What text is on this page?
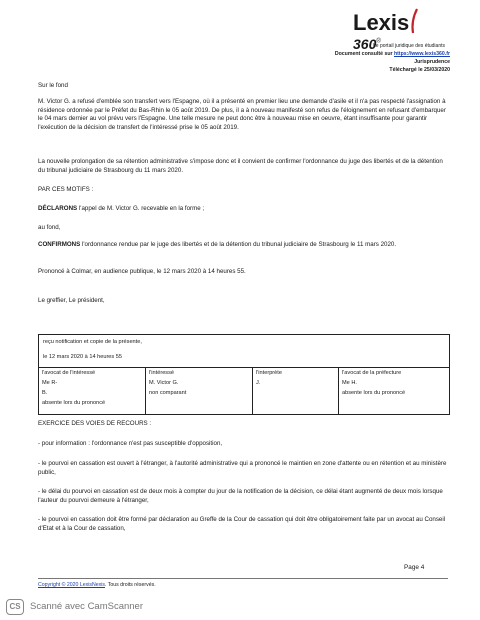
Lexis360®
Le portail juridique des étudiants
Document consulté sur https://www.lexis360.fr
Jurisprudence
Téléchargé le 25/03/2020
Sur le fond
M. Victor G. a refusé d'emblée son transfert vers l'Espagne, où il a présenté en premier lieu une demande d'asile et il n'a pas respecté l'assignation à résidence ordonnée par le Préfet du Bas-Rhin le 05 août 2019. De plus, il a à nouveau manifesté son refus de l'éloignement en refusant d'embarquer le 04 mars dernier au vol prévu vers l'Espagne. Une telle mesure ne peut donc être à nouveau mise en oeuvre, étant insuffisante pour garantir l'exécution de la décision de transfert de l'intéressé prise le 05 août 2019.
La nouvelle prolongation de sa rétention administrative s'impose donc et il convient de confirmer l'ordonnance du juge des libertés et de la détention du tribunal judiciaire de Strasbourg du 11 mars 2020.
PAR CES MOTIFS :
DÉCLARONS l'appel de M. Victor G. recevable en la forme ;
au fond,
CONFIRMONS l'ordonnance rendue par le juge des libertés et de la détention du tribunal judiciaire de Strasbourg le 11 mars 2020.
Prononcé à Colmar, en audience publique, le 12 mars 2020 à 14 heures 55.
Le greffier, Le président,
reçu notification et copie de la présente,
le 12 mars 2020 à 14 heures 55
l'avocat de l'intéressé
Me R-
B.
absente lors du prononcé
l'intéressé
M. Victor G.
non comparant
l'interprète
J.
l'avocat de la préfecture
Me H.
absente lors du prononcé
EXERCICE DES VOIES DE RECOURS :
- pour information : l'ordonnance n'est pas susceptible d'opposition,
- le pourvoi en cassation est ouvert à l'étranger, à l'autorité administrative qui a prononcé le maintien en zone d'attente ou en rétention et au ministère public,
- le délai du pourvoi en cassation est de deux mois à compter du jour de la notification de la décision, ce délai étant augmenté de deux mois lorsque l'auteur du pourvoi demeure à l'étranger,
- le pourvoi en cassation doit être formé par déclaration au Greffe de la Cour de cassation qui doit être obligatoirement faite par un avocat au Conseil d'Etat et à la Cour de cassation,
Page 4
Copyright © 2020 LexisNexis. Tous droits réservés.
CS Scanné avec CamScanner
